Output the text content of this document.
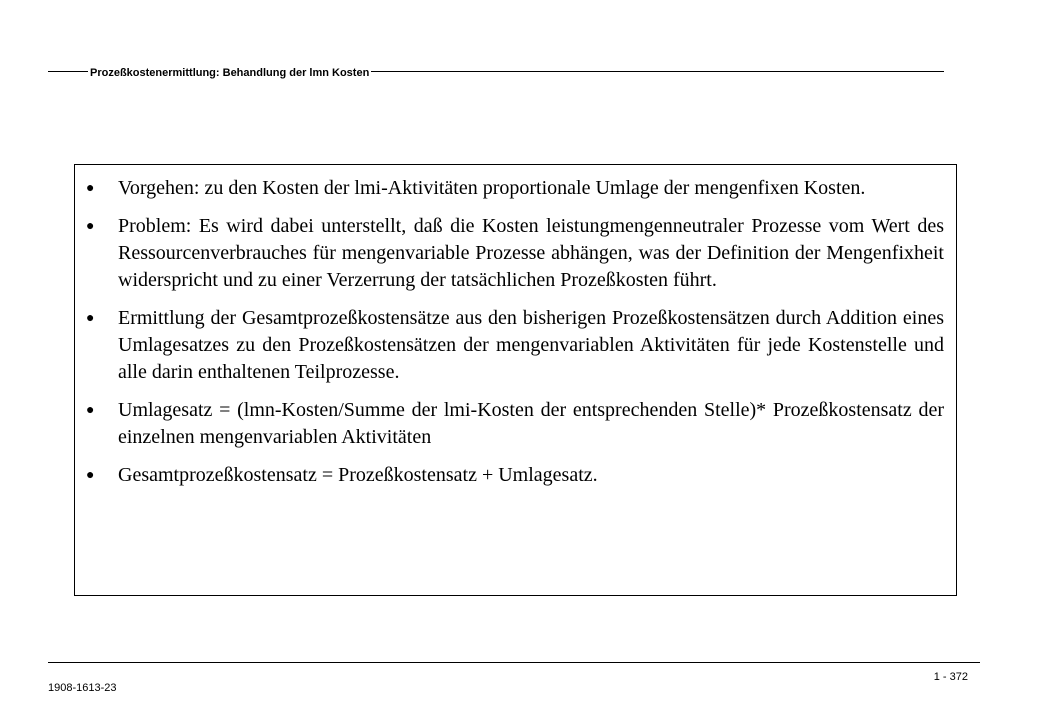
Prozeßkostenermittlung: Behandlung der lmn Kosten
●	Vorgehen: zu den Kosten der lmi-Aktivitäten proportionale Umlage der mengenfixen Kosten.
●	Problem: Es wird dabei unterstellt, daß die Kosten leistungmengenneutraler Prozesse vom Wert des Ressourcenverbrauches für mengenvariable Prozesse abhängen, was der Definition der Mengenfixheit widerspricht und zu einer Verzerrung der tatsächlichen Prozeßkosten führt.
●	Ermittlung der Gesamtprozeßkostensätze aus den bisherigen Prozeßkostensätzen durch Addition eines Umlagesatzes zu den Prozeßkostensätzen der mengenvariablen Aktivitäten für jede Kostenstelle und alle darin enthaltenen Teilprozesse.
●	Umlagesatz = (lmn-Kosten/Summe der lmi-Kosten der entsprechenden Stelle)* Prozeßkostensatz der einzelnen mengenvariablen Aktivitäten
●	Gesamtprozeßkostensatz = Prozeßkostensatz + Umlagesatz.
1 - 372
1908-1613-23
